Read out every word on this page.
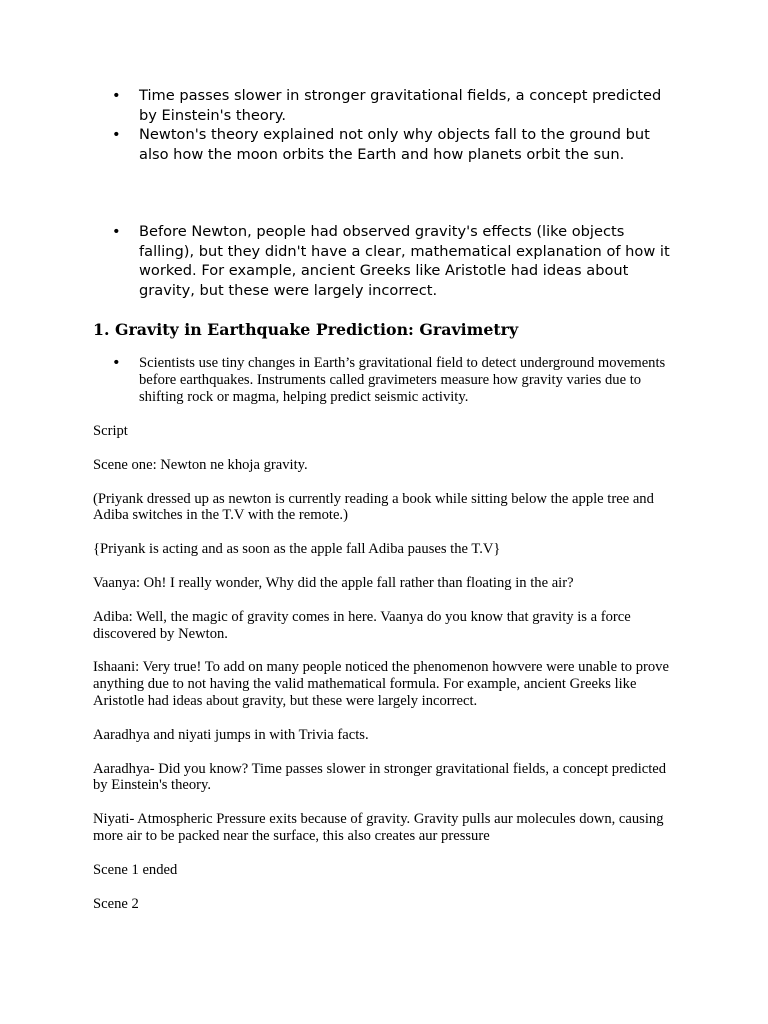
•	Time passes slower in stronger gravitational fields, a concept predicted by Einstein's theory.
•	Newton's theory explained not only why objects fall to the ground but also how the moon orbits the Earth and how planets orbit the sun.
•	Before Newton, people had observed gravity's effects (like objects falling), but they didn't have a clear, mathematical explanation of how it worked. For example, ancient Greeks like Aristotle had ideas about gravity, but these were largely incorrect.
1. Gravity in Earthquake Prediction: Gravimetry
•	Scientists use tiny changes in Earth’s gravitational field to detect underground movements before earthquakes. Instruments called gravimeters measure how gravity varies due to shifting rock or magma, helping predict seismic activity.

Script

Scene one: Newton ne khoja gravity.

(Priyank dressed up as newton is currently reading a book while sitting below the apple tree and Adiba switches in the T.V with the remote.)

{Priyank is acting and as soon as the apple fall Adiba pauses the T.V}

Vaanya: Oh! I really wonder, Why did the apple fall rather than floating in the air?

Adiba: Well, the magic of gravity comes in here. Vaanya do you know that gravity is a force discovered by Newton.

Ishaani: Very true! To add on many people noticed the phenomenon howvere were unable to prove anything due to not having the valid mathematical formula. For example, ancient Greeks like Aristotle had ideas about gravity, but these were largely incorrect.

Aaradhya and niyati jumps in with Trivia facts.

Aaradhya- Did you know? Time passes slower in stronger gravitational fields, a concept predicted by Einstein's theory.

Niyati- Atmospheric Pressure exits because of gravity. Gravity pulls aur molecules down, causing more air to be packed near the surface, this also creates aur pressure

Scene 1 ended

Scene 2
